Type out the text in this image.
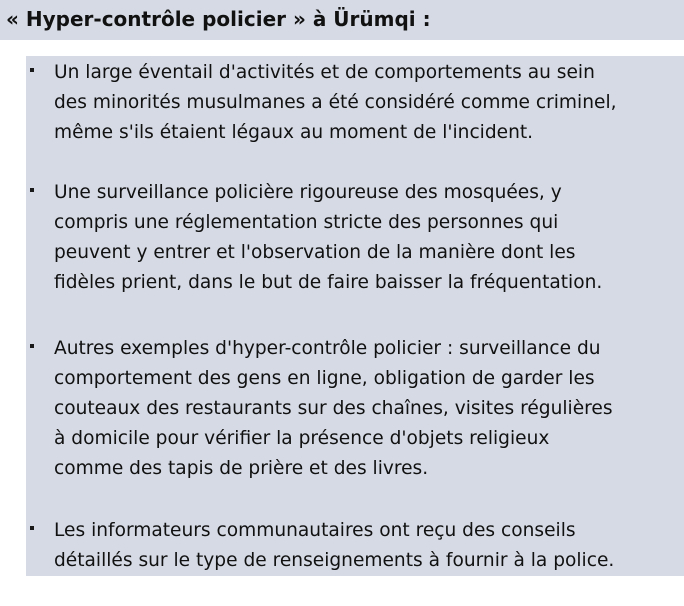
« Hyper-contrôle policier » à Ürümqi :
Un large éventail d'activités et de comportements au sein
des minorités musulmanes a été considéré comme criminel,
même s'ils étaient légaux au moment de l'incident.
Une surveillance policière rigoureuse des mosquées, y
compris une réglementation stricte des personnes qui
peuvent y entrer et l'observation de la manière dont les
fidèles prient, dans le but de faire baisser la fréquentation.
Autres exemples d'hyper-contrôle policier : surveillance du
comportement des gens en ligne, obligation de garder les
couteaux des restaurants sur des chaînes, visites régulières
à domicile pour vérifier la présence d'objets religieux
comme des tapis de prière et des livres.
Les informateurs communautaires ont reçu des conseils
détaillés sur le type de renseignements à fournir à la police.
